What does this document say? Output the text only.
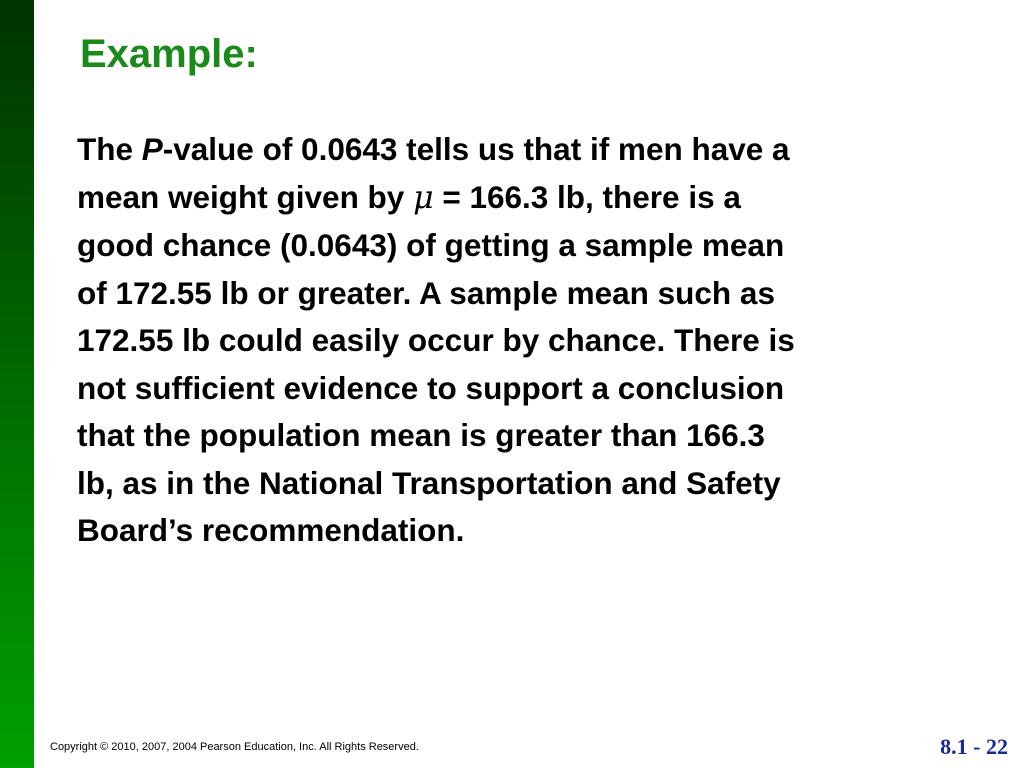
Example:
The P-value of 0.0643 tells us that if men have a
mean weight given by μ = 166.3 lb, there is a
good chance (0.0643) of getting a sample mean
of 172.55 lb or greater. A sample mean such as
172.55 lb could easily occur by chance. There is
not sufficient evidence to support a conclusion
that the population mean is greater than 166.3
lb, as in the National Transportation and Safety
Board’s recommendation.
Copyright © 2010, 2007, 2004 Pearson Education, Inc. All Rights Reserved.	8.1 - 22
